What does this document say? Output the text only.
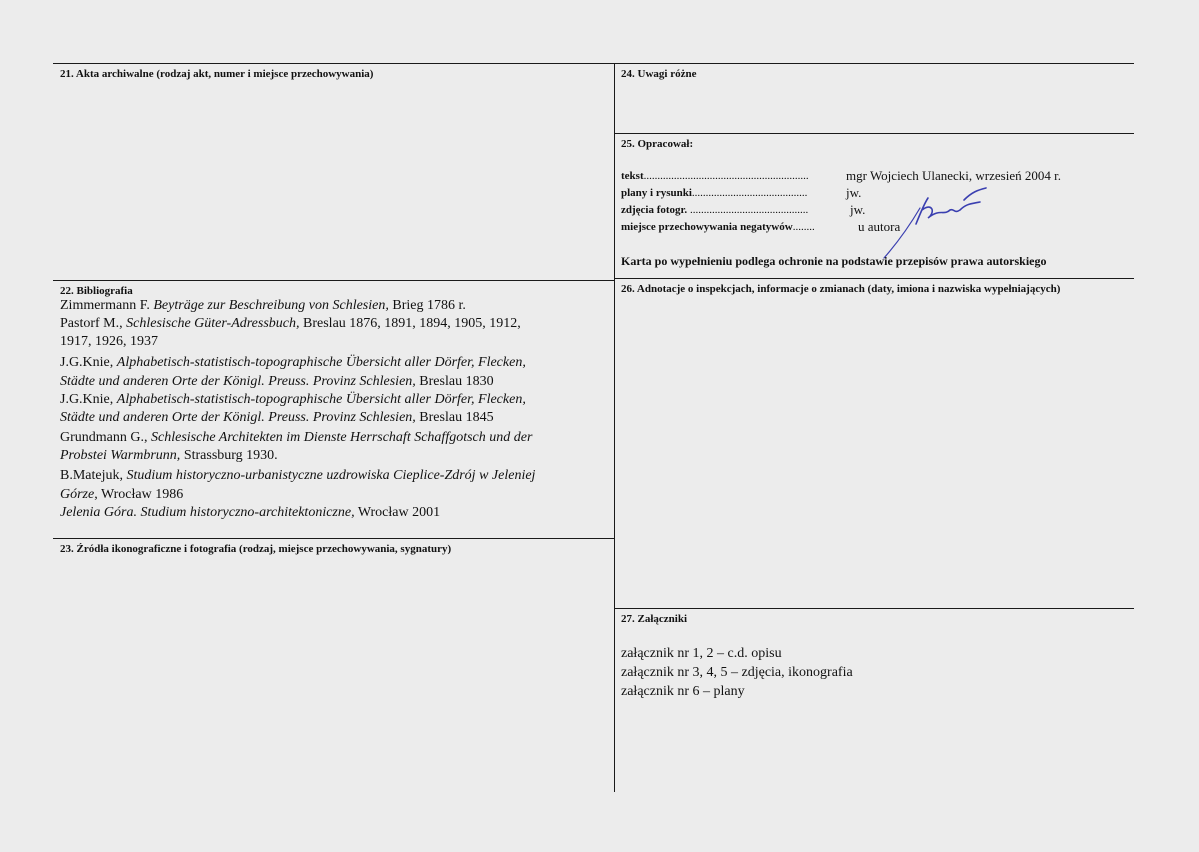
21. Akta archiwalne (rodzaj akt, numer i miejsce przechowywania)
22. Bibliografia
Zimmermann F. Beyträge zur Beschreibung von Schlesien, Brieg 1786 r.
Pastorf M., Schlesische Güter-Adressbuch, Breslau 1876, 1891, 1894, 1905, 1912,
1917, 1926, 1937
J.G.Knie, Alphabetisch-statistisch-topographische Übersicht aller Dörfer, Flecken,
Städte und anderen Orte der Königl. Preuss. Provinz Schlesien, Breslau 1830
J.G.Knie, Alphabetisch-statistisch-topographische Übersicht aller Dörfer, Flecken,
Städte und anderen Orte der Königl. Preuss. Provinz Schlesien, Breslau 1845
Grundmann G., Schlesische Architekten im Dienste Herrschaft Schaffgotsch und der
Probstei Warmbrunn, Strassburg 1930.
B.Matejuk, Studium historyczno-urbanistyczne uzdrowiska Cieplice-Zdrój w Jeleniej
Górze, Wrocław 1986
Jelenia Góra. Studium historyczno-architektoniczne, Wrocław 2001
23. Źródła ikonograficzne i fotografia (rodzaj, miejsce przechowywania, sygnatury)
24. Uwagi różne
25. Opracował:
tekst............................................................	mgr Wojciech Ulanecki, wrzesień 2004 r.
plany i rysunki..........................................	jw.
zdjęcia fotogr. ...........................................	jw.
miejsce przechowywania negatywów........	u autora
Karta po wypełnieniu podlega ochronie na podstawie przepisów prawa autorskiego
26. Adnotacje o inspekcjach, informacje o zmianach (daty, imiona i nazwiska wypełniających)
27. Załączniki
załącznik nr 1, 2 – c.d. opisu
załącznik nr 3, 4, 5 – zdjęcia, ikonografia
załącznik nr 6 – plany
